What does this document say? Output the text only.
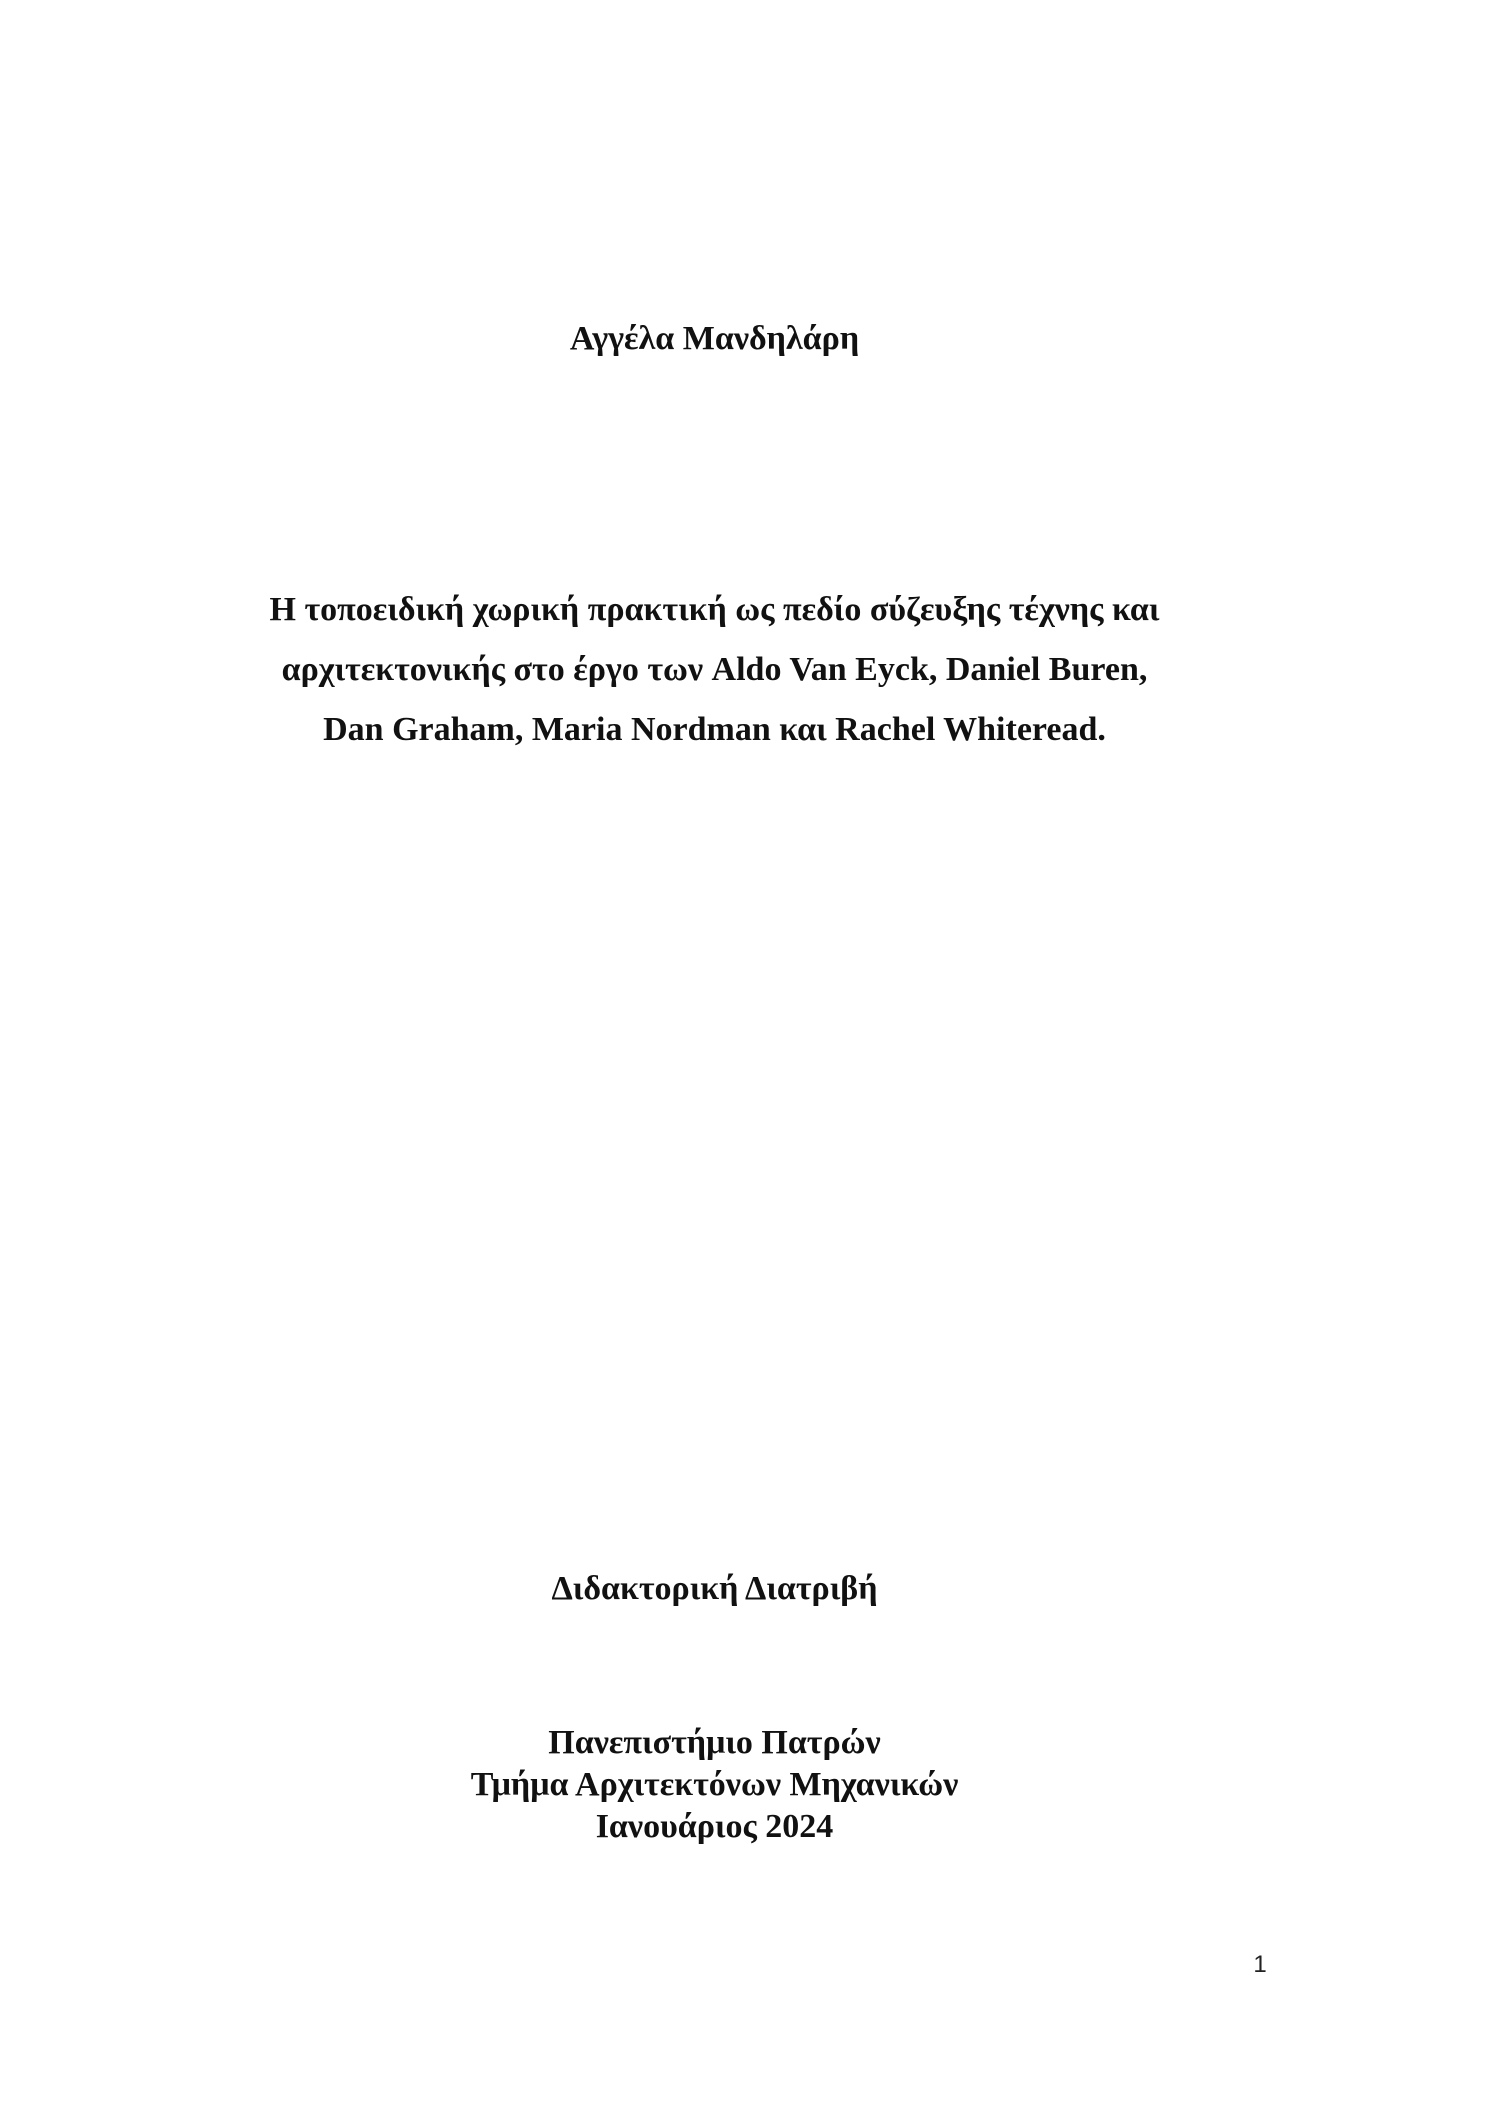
Αγγέλα Μανδηλάρη
Η τοποειδική χωρική πρακτική ως πεδίο σύζευξης τέχνης και
αρχιτεκτονικής στο έργο των Aldo Van Eyck, Daniel Buren,
Dan Graham, Maria Nordman και Rachel Whiteread.
Διδακτορική Διατριβή
Πανεπιστήμιο Πατρών
Τμήμα Αρχιτεκτόνων Μηχανικών
Ιανουάριος 2024
1
